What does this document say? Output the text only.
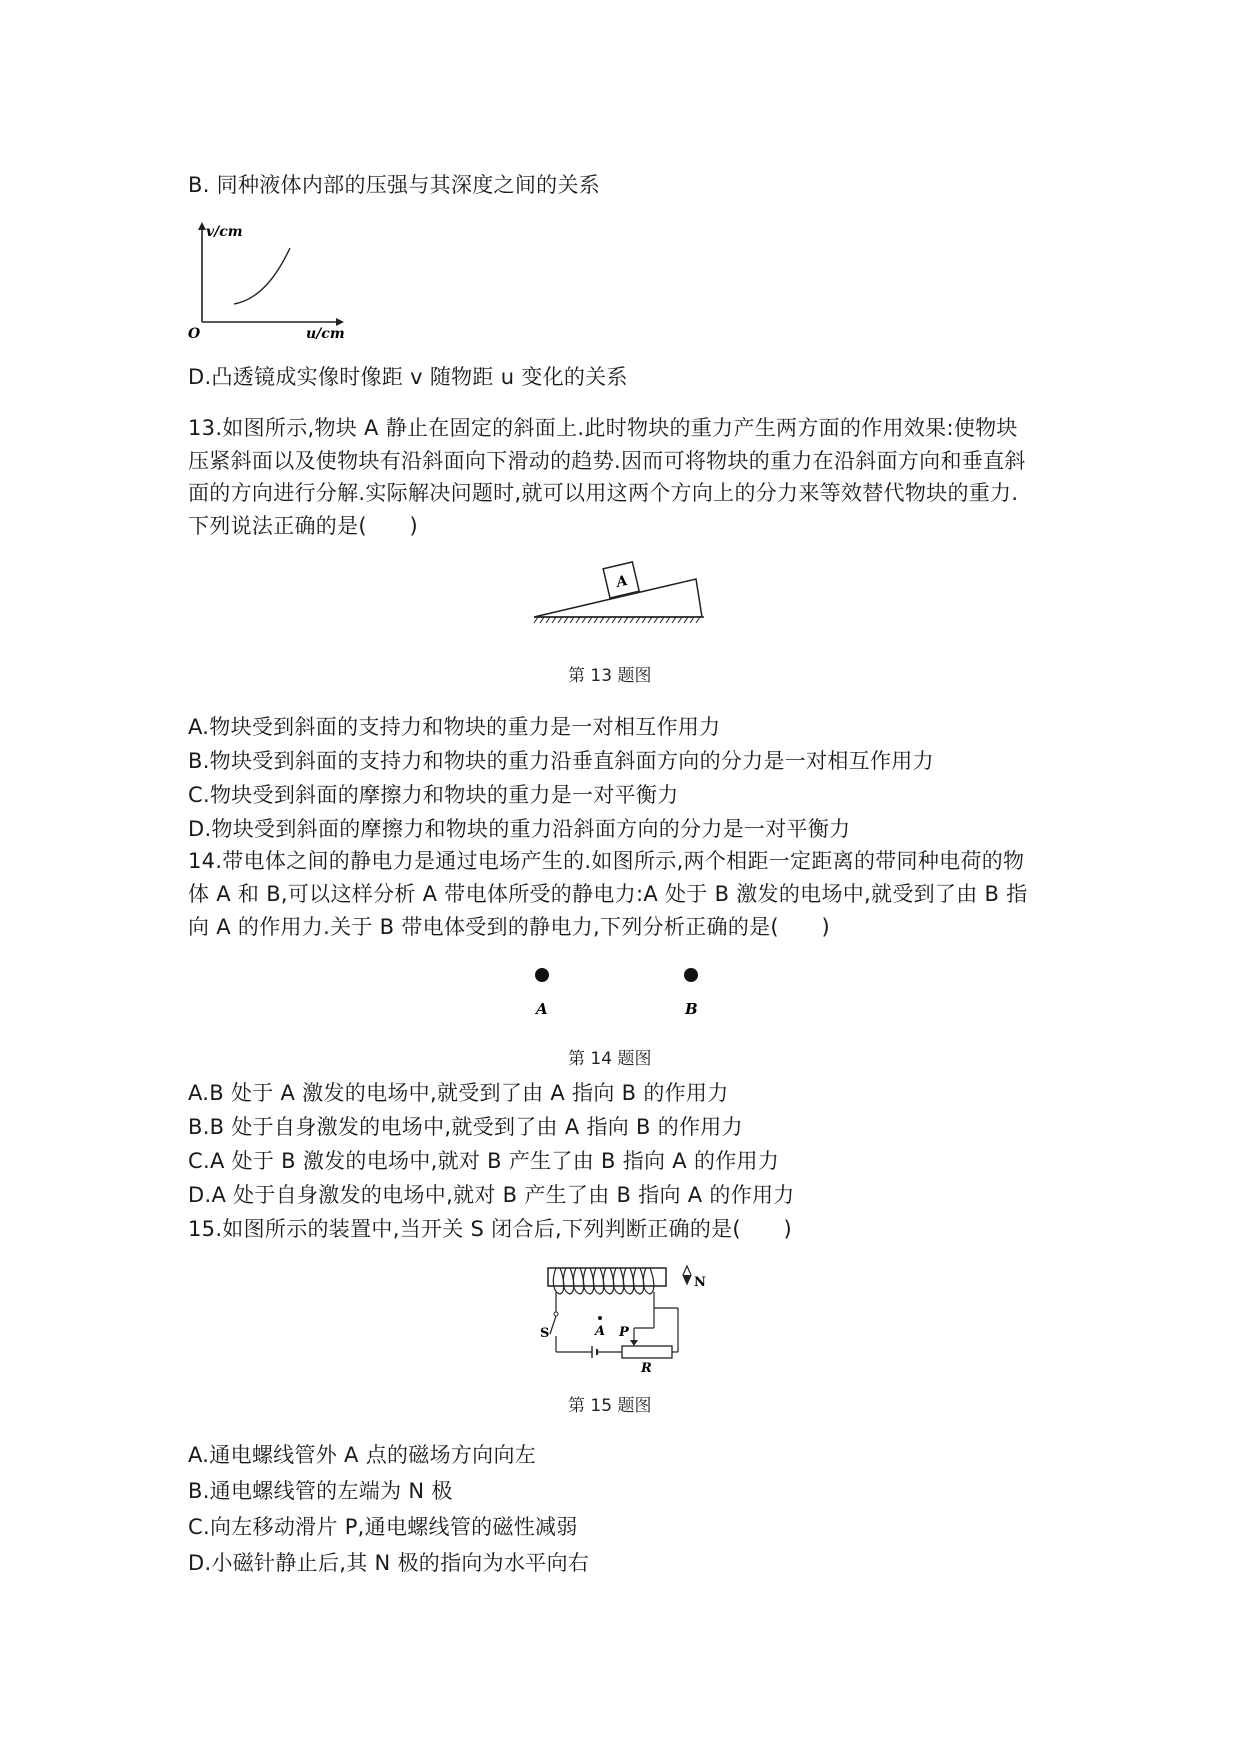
B. 同种液体内部的压强与其深度之间的关系
v/cm
u/cm
O
D.凸透镜成实像时像距 v 随物距 u 变化的关系
13.如图所示,物块 A 静止在固定的斜面上.此时物块的重力产生两方面的作用效果:使物块
压紧斜面以及使物块有沿斜面向下滑动的趋势.因而可将物块的重力在沿斜面方向和垂直斜
面的方向进行分解.实际解决问题时,就可以用这两个方向上的分力来等效替代物块的重力.
下列说法正确的是(　　)
A
第 13 题图
A.物块受到斜面的支持力和物块的重力是一对相互作用力
B.物块受到斜面的支持力和物块的重力沿垂直斜面方向的分力是一对相互作用力
C.物块受到斜面的摩擦力和物块的重力是一对平衡力
D.物块受到斜面的摩擦力和物块的重力沿斜面方向的分力是一对平衡力
14.带电体之间的静电力是通过电场产生的.如图所示,两个相距一定距离的带同种电荷的物
体 A 和 B,可以这样分析 A 带电体所受的静电力:A 处于 B 激发的电场中,就受到了由 B 指
向 A 的作用力.关于 B 带电体受到的静电力,下列分析正确的是(　　)
A	B
第 14 题图
A.B 处于 A 激发的电场中,就受到了由 A 指向 B 的作用力
B.B 处于自身激发的电场中,就受到了由 A 指向 B 的作用力
C.A 处于 B 激发的电场中,就对 B 产生了由 B 指向 A 的作用力
D.A 处于自身激发的电场中,就对 B 产生了由 B 指向 A 的作用力
15.如图所示的装置中,当开关 S 闭合后,下列判断正确的是(　　)
S	P
R
A
N
第 15 题图
A.通电螺线管外 A 点的磁场方向向左
B.通电螺线管的左端为 N 极
C.向左移动滑片 P,通电螺线管的磁性减弱
D.小磁针静止后,其 N 极的指向为水平向右
